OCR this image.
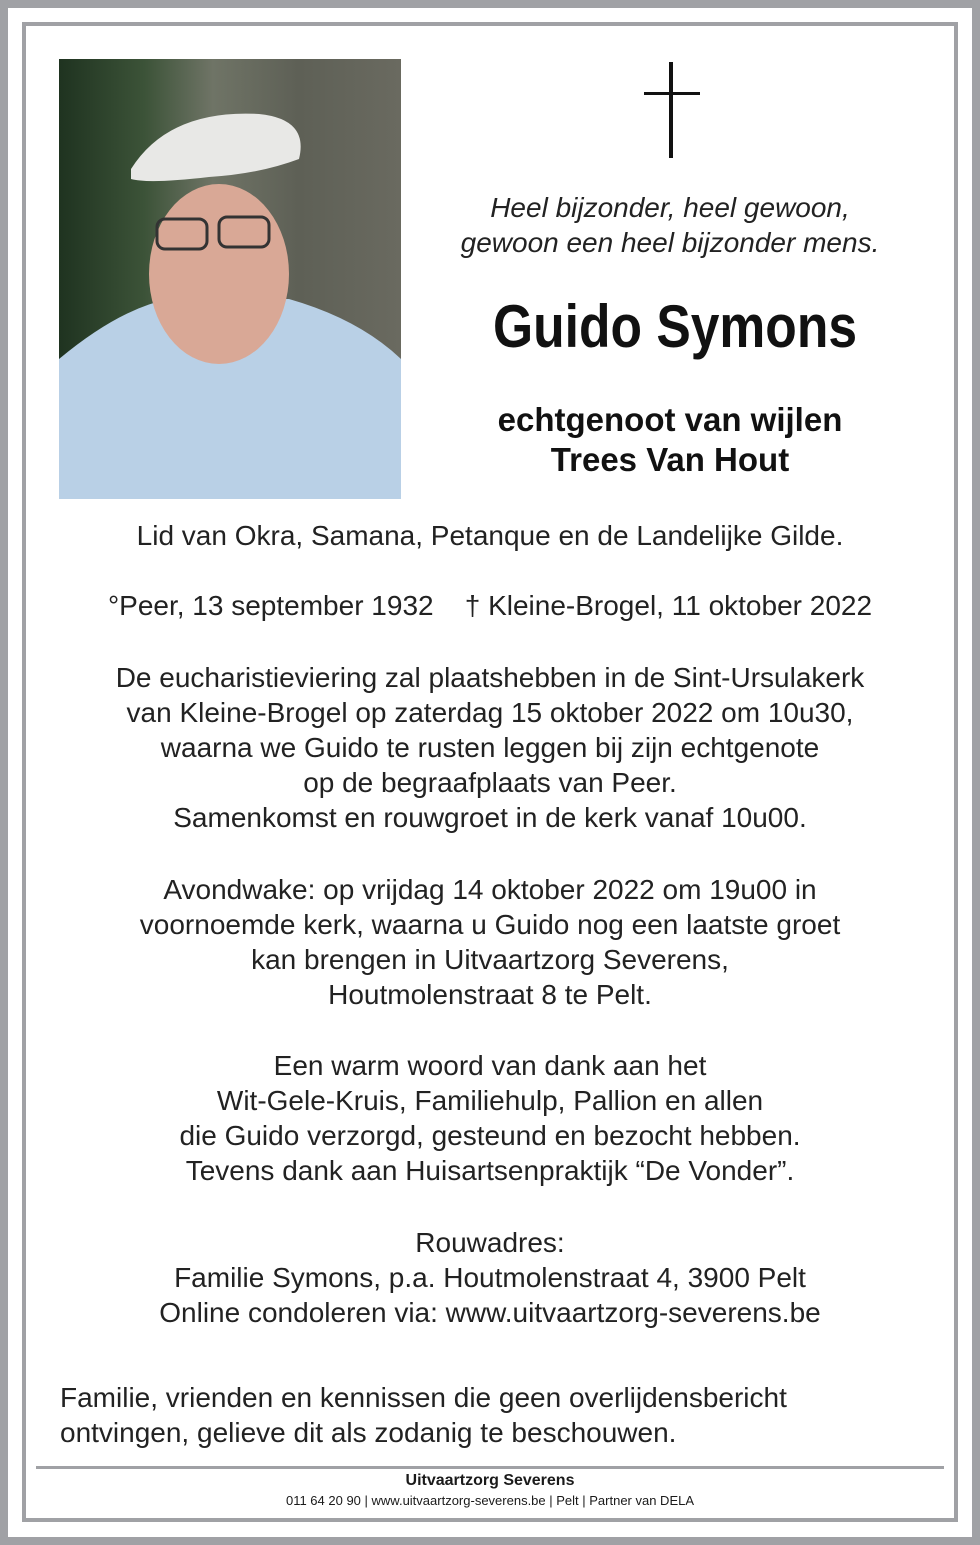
Heel bijzonder, heel gewoon,
gewoon een heel bijzonder mens.
Guido Symons
echtgenoot van wijlen
Trees Van Hout
Lid van Okra, Samana, Petanque en de Landelijke Gilde.
°Peer, 13 september 1932 † Kleine-Brogel, 11 oktober 2022
De eucharistieviering zal plaatshebben in de Sint-Ursulakerk
van Kleine-Brogel op zaterdag 15 oktober 2022 om 10u30,
waarna we Guido te rusten leggen bij zijn echtgenote
op de begraafplaats van Peer.
Samenkomst en rouwgroet in de kerk vanaf 10u00.
Avondwake: op vrijdag 14 oktober 2022 om 19u00 in
voornoemde kerk, waarna u Guido nog een laatste groet
kan brengen in Uitvaartzorg Severens,
Houtmolenstraat 8 te Pelt.
Een warm woord van dank aan het
Wit-Gele-Kruis, Familiehulp, Pallion en allen
die Guido verzorgd, gesteund en bezocht hebben.
Tevens dank aan Huisartsenpraktijk “De Vonder”.
Rouwadres:
Familie Symons, p.a. Houtmolenstraat 4, 3900 Pelt
Online condoleren via: www.uitvaartzorg-severens.be
Familie, vrienden en kennissen die geen overlijdensbericht
ontvingen, gelieve dit als zodanig te beschouwen.
Uitvaartzorg Severens
011 64 20 90 | www.uitvaartzorg-severens.be | Pelt | Partner van DELA
